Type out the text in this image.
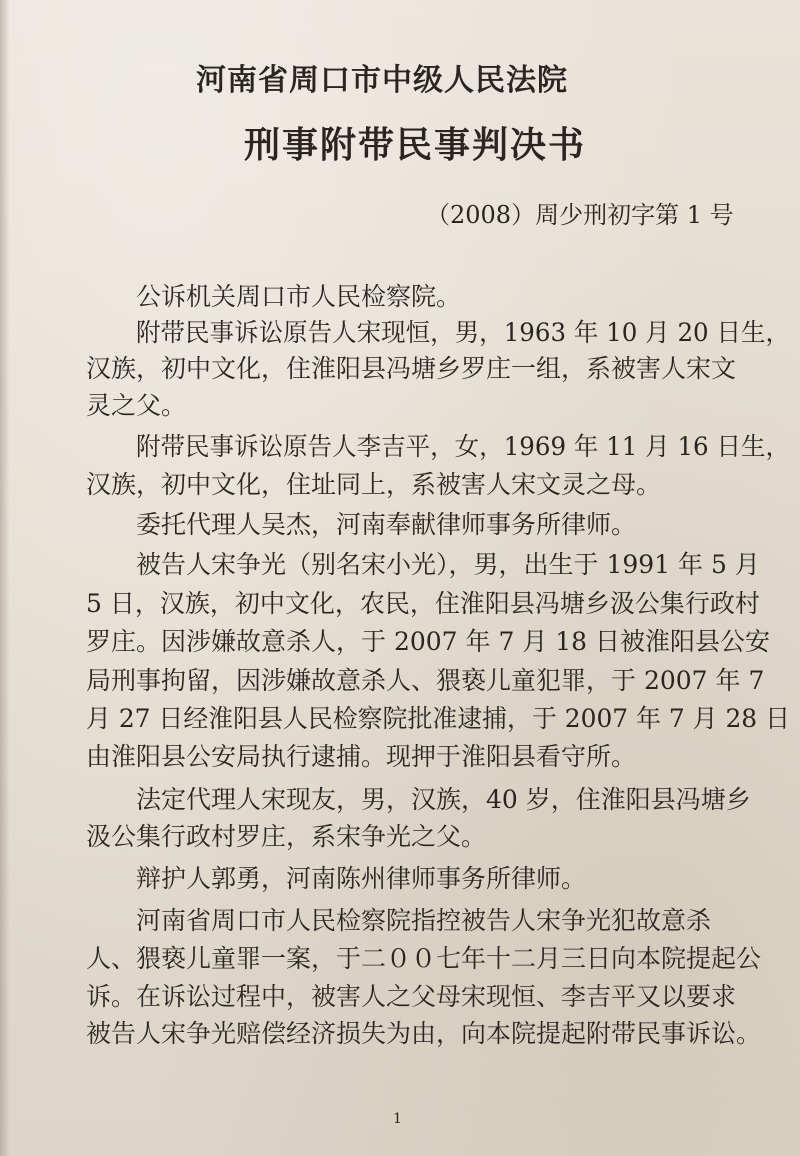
河南省周口市中级人民法院
刑事附带民事判决书
（2008）周少刑初字第 1 号
公诉机关周口市人民检察院。
附带民事诉讼原告人宋现恒，男，1963 年 10 月 20 日生，
汉族，初中文化，住淮阳县冯塘乡罗庄一组，系被害人宋文
灵之父。
附带民事诉讼原告人李吉平，女，1969 年 11 月 16 日生，
汉族，初中文化，住址同上，系被害人宋文灵之母。
委托代理人吴杰，河南奉献律师事务所律师。
被告人宋争光（别名宋小光），男，出生于 1991 年 5 月
5 日，汉族，初中文化，农民，住淮阳县冯塘乡汲公集行政村
罗庄。因涉嫌故意杀人，于 2007 年 7 月 18 日被淮阳县公安
局刑事拘留，因涉嫌故意杀人、猥亵儿童犯罪，于 2007 年 7
月 27 日经淮阳县人民检察院批准逮捕，于 2007 年 7 月 28 日
由淮阳县公安局执行逮捕。现押于淮阳县看守所。
法定代理人宋现友，男，汉族，40 岁，住淮阳县冯塘乡
汲公集行政村罗庄，系宋争光之父。
辩护人郭勇，河南陈州律师事务所律师。
河南省周口市人民检察院指控被告人宋争光犯故意杀
人、猥亵儿童罪一案，于二００七年十二月三日向本院提起公
诉。在诉讼过程中，被害人之父母宋现恒、李吉平又以要求
被告人宋争光赔偿经济损失为由，向本院提起附带民事诉讼。
1
